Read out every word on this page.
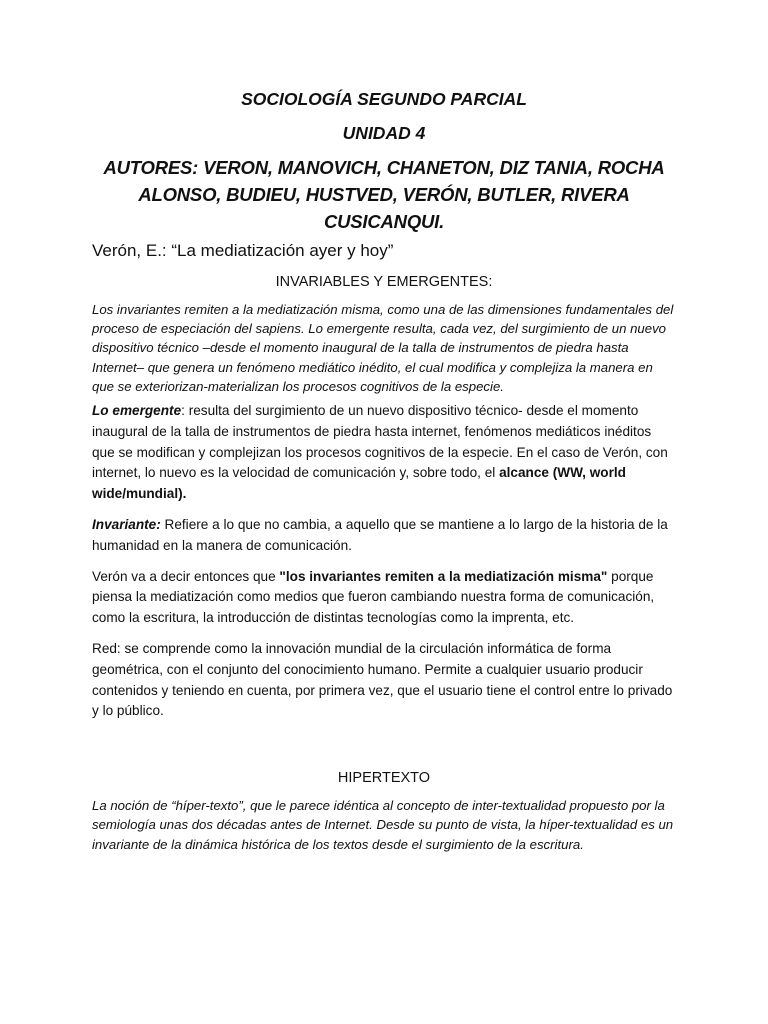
SOCIOLOGÍA SEGUNDO PARCIAL

UNIDAD 4

AUTORES: VERON, MANOVICH, CHANETON, DIZ TANIA, ROCHA ALONSO, BUDIEU, HUSTVED, VERÓN, BUTLER, RIVERA CUSICANQUI.

Verón, E.: “La mediatización ayer y hoy”

INVARIABLES Y EMERGENTES:

Los invariantes remiten a la mediatización misma, como una de las dimensiones fundamentales del proceso de especiación del sapiens. Lo emergente resulta, cada vez, del surgimiento de un nuevo dispositivo técnico –desde el momento inaugural de la talla de instrumentos de piedra hasta Internet– que genera un fenómeno mediático inédito, el cual modifica y complejiza la manera en que se exteriorizan-materializan los procesos cognitivos de la especie.

Lo emergente: resulta del surgimiento de un nuevo dispositivo técnico- desde el momento inaugural de la talla de instrumentos de piedra hasta internet, fenómenos mediáticos inéditos que se modifican y complejizan los procesos cognitivos de la especie. En el caso de Verón, con internet, lo nuevo es la velocidad de comunicación y, sobre todo, el alcance (WW, world wide/mundial).

Invariante: Refiere a lo que no cambia, a aquello que se mantiene a lo largo de la historia de la humanidad en la manera de comunicación.

Verón va a decir entonces que "los invariantes remiten a la mediatización misma" porque piensa la mediatización como medios que fueron cambiando nuestra forma de comunicación, como la escritura, la introducción de distintas tecnologías como la imprenta, etc.

Red: se comprende como la innovación mundial de la circulación informática de forma geométrica, con el conjunto del conocimiento humano. Permite a cualquier usuario producir contenidos y teniendo en cuenta, por primera vez, que el usuario tiene el control entre lo privado y lo público.

HIPERTEXTO

La noción de “híper-texto”, que le parece idéntica al concepto de inter-textualidad propuesto por la semiología unas dos décadas antes de Internet. Desde su punto de vista, la híper-textualidad es un invariante de la dinámica histórica de los textos desde el surgimiento de la escritura.
